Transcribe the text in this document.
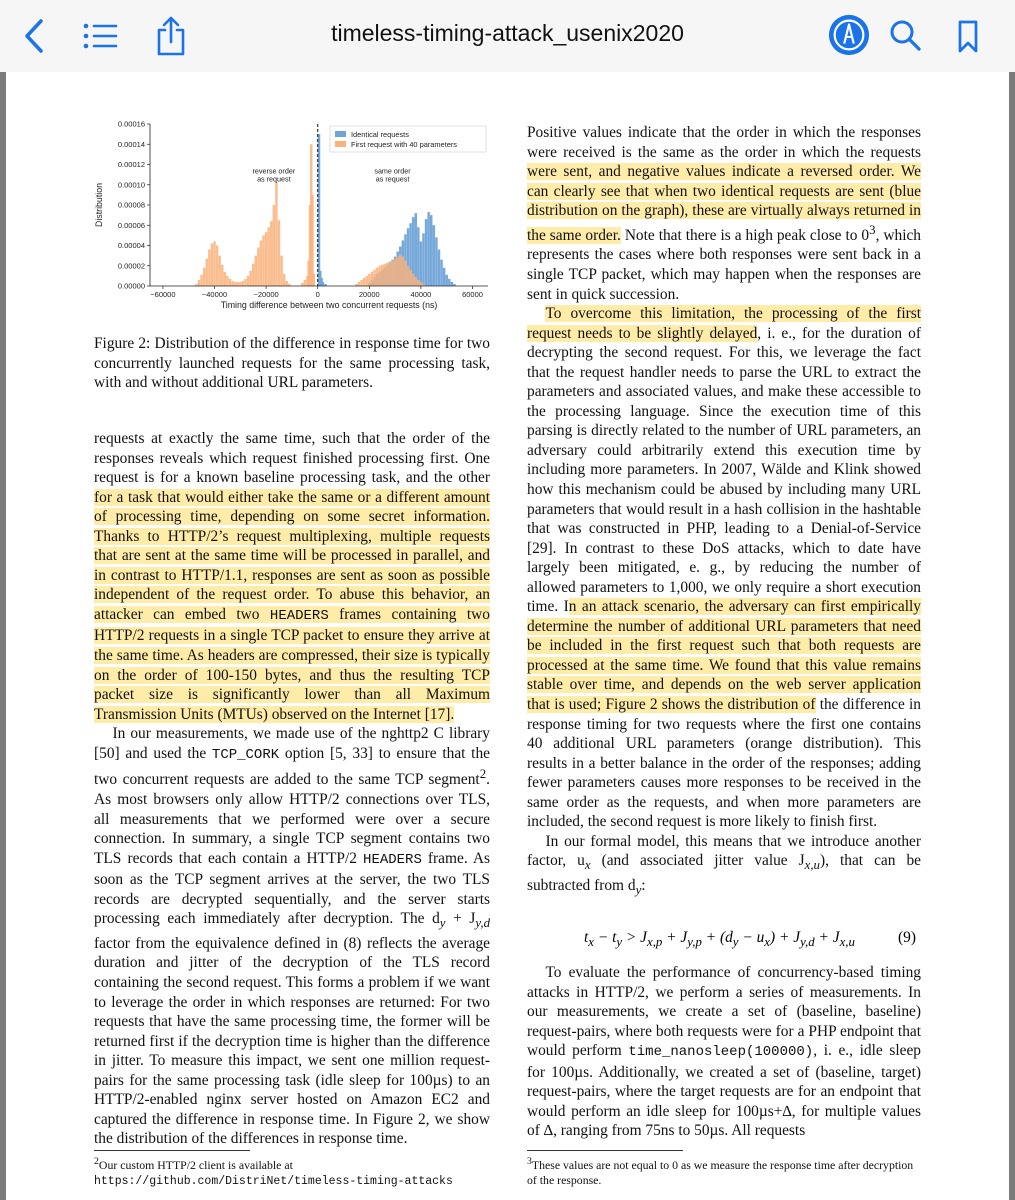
timeless-timing-attack_usenix2020
−60000	−40000	−20000	0	20000	40000	60000
0.00000
0.00002
0.00004
0.00006
0.00008
0.00010
0.00012
0.00014
0.00016
Timing difference between two concurrent requests (ns)
Distribution
reverse order
as request
same order
as request
Identical requests
First request with 40 parameters
Figure 2: Distribution of the difference in response time for two concurrently launched requests for the same processing task, with and without additional URL parameters.

requests at exactly the same time, such that the order of the responses reveals which request finished processing first. One request is for a known baseline processing task, and the other for a task that would either take the same or a different amount of processing time, depending on some secret information. Thanks to HTTP/2’s request multiplexing, multiple requests that are sent at the same time will be processed in parallel, and in contrast to HTTP/1.1, responses are sent as soon as possible independent of the request order. To abuse this behavior, an attacker can embed two HEADERS frames containing two HTTP/2 requests in a single TCP packet to ensure they arrive at the same time. As headers are compressed, their size is typically on the order of 100-150 bytes, and thus the resulting TCP packet size is significantly lower than all Maximum Transmission Units (MTUs) observed on the Internet [17].

In our measurements, we made use of the nghttp2 C library [50] and used the TCP_CORK option [5, 33] to ensure that the two concurrent requests are added to the same TCP segment$^2$. As most browsers only allow HTTP/2 connections over TLS, all measurements that we performed were over a secure connection. In summary, a single TCP segment contains two TLS records that each contain a HTTP/2 HEADERS frame. As soon as the TCP segment arrives at the server, the two TLS records are decrypted sequentially, and the server starts processing each immediately after decryption. The $d_y + J_{y,d}$ factor from the equivalence defined in (8) reflects the average duration and jitter of the decryption of the TLS record containing the second request. This forms a problem if we want to leverage the order in which responses are returned: For two requests that have the same processing time, the former will be returned first if the decryption time is higher than the difference in jitter. To measure this impact, we sent one million request-pairs for the same processing task (idle sleep for 100µs) to an HTTP/2-enabled nginx server hosted on Amazon EC2 and captured the difference in response time. In Figure 2, we show the distribution of the differences in response time.

$^2$Our custom HTTP/2 client is available at https://github.com/DistriNet/timeless-timing-attacks

Positive values indicate that the order in which the responses were received is the same as the order in which the requests were sent, and negative values indicate a reversed order. We can clearly see that when two identical requests are sent (blue distribution on the graph), these are virtually always returned in the same order. Note that there is a high peak close to $0^3$, which represents the cases where both responses were sent back in a single TCP packet, which may happen when the responses are sent in quick succession.

To overcome this limitation, the processing of the first request needs to be slightly delayed, i. e., for the duration of decrypting the second request. For this, we leverage the fact that the request handler needs to parse the URL to extract the parameters and associated values, and make these accessible to the processing language. Since the execution time of this parsing is directly related to the number of URL parameters, an adversary could arbitrarily extend this execution time by including more parameters. In 2007, Wälde and Klink showed how this mechanism could be abused by including many URL parameters that would result in a hash collision in the hashtable that was constructed in PHP, leading to a Denial-of-Service [29]. In contrast to these DoS attacks, which to date have largely been mitigated, e. g., by reducing the number of allowed parameters to 1,000, we only require a short execution time. In an attack scenario, the adversary can first empirically determine the number of additional URL parameters that need be included in the first request such that both requests are processed at the same time. We found that this value remains stable over time, and depends on the web server application that is used; Figure 2 shows the distribution of the difference in response timing for two requests where the first one contains 40 additional URL parameters (orange distribution). This results in a better balance in the order of the responses; adding fewer parameters causes more responses to be received in the same order as the requests, and when more parameters are included, the second request is more likely to finish first.

In our formal model, this means that we introduce another factor, $u_x$ (and associated jitter value $J_{x,u}$), that can be subtracted from $d_y$:

$t_x - t_y > J_{x,p} + J_{y,p} + (d_y - u_x) + J_{y,d} + J_{x,u}$	(9)

To evaluate the performance of concurrency-based timing attacks in HTTP/2, we perform a series of measurements. In our measurements, we create a set of (baseline, baseline) request-pairs, where both requests were for a PHP endpoint that would perform time_nanosleep(100000), i. e., idle sleep for 100µs. Additionally, we created a set of (baseline, target) request-pairs, where the target requests are for an endpoint that would perform an idle sleep for 100µs+∆, for multiple values of ∆, ranging from 75ns to 50µs. All requests

$^3$These values are not equal to 0 as we measure the response time after decryption of the response.
